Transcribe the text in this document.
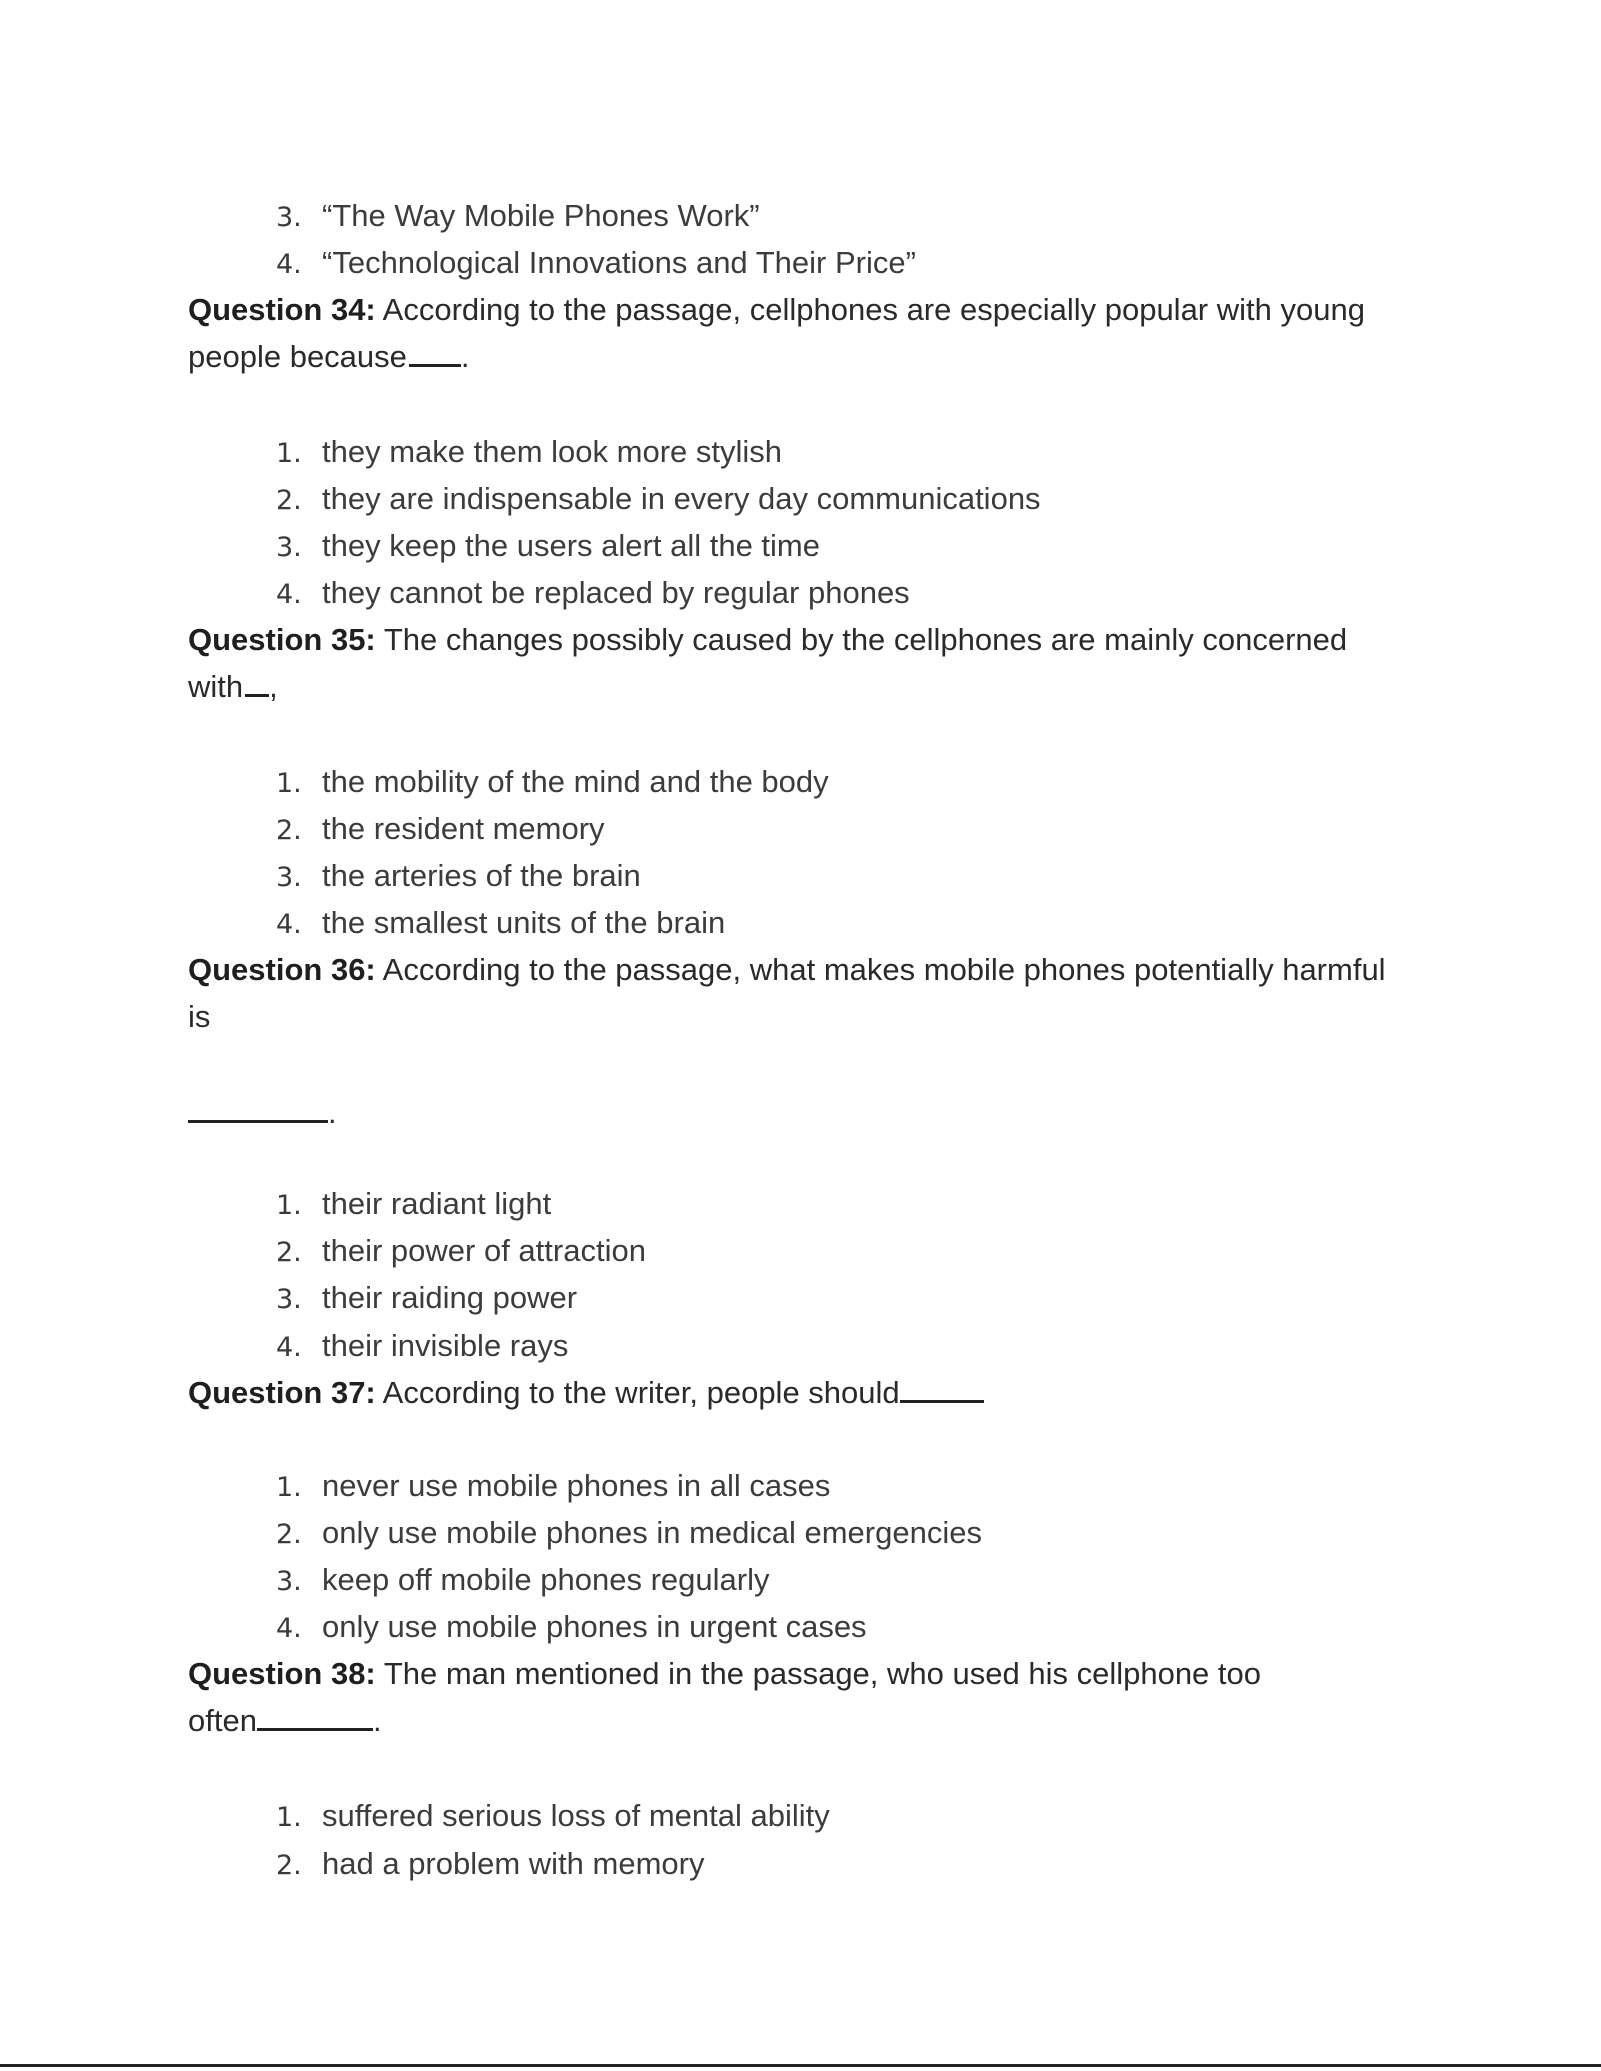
3. “The Way Mobile Phones Work”
4. “Technological Innovations and Their Price”
Question 34: According to the passage, cellphones are especially popular with young
people because .
1. they make them look more stylish
2. they are indispensable in every day communications
3. they keep the users alert all the time
4. they cannot be replaced by regular phones
Question 35: The changes possibly caused by the cellphones are mainly concerned
with ,
1. the mobility of the mind and the body
2. the resident memory
3. the arteries of the brain
4. the smallest units of the brain
Question 36: According to the passage, what makes mobile phones potentially harmful
is
.
1. their radiant light
2. their power of attraction
3. their raiding power
4. their invisible rays
Question 37: According to the writer, people should
1. never use mobile phones in all cases
2. only use mobile phones in medical emergencies
3. keep off mobile phones regularly
4. only use mobile phones in urgent cases
Question 38: The man mentioned in the passage, who used his cellphone too
often	.
1. suffered serious loss of mental ability
2. had a problem with memory
